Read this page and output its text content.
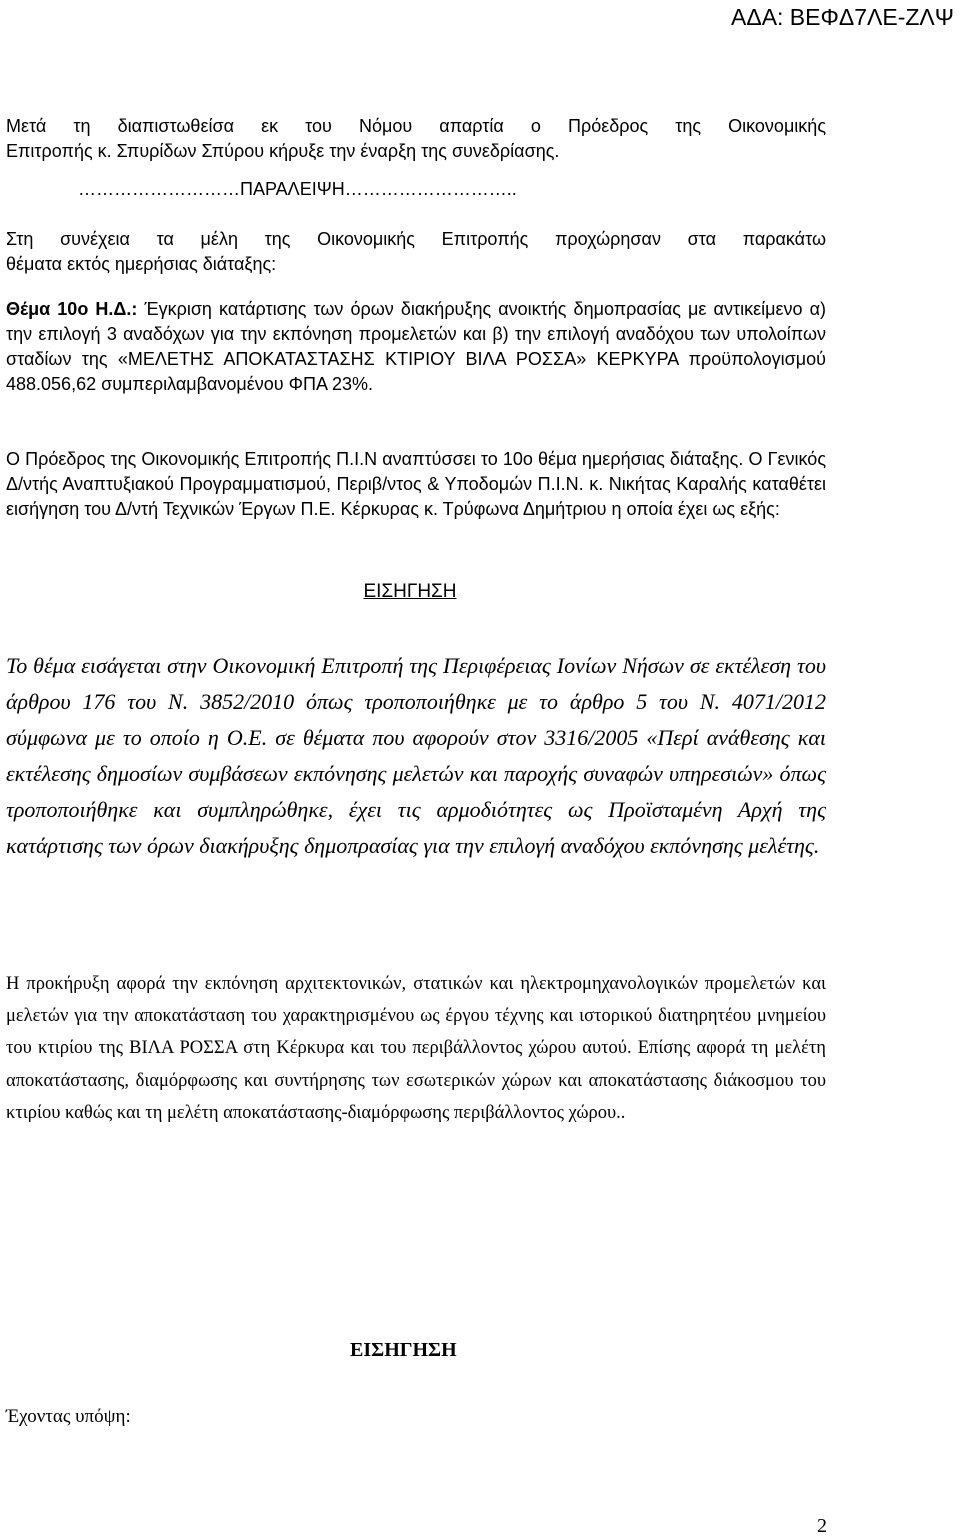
ΑΔΑ: ΒΕΦΔ7ΛΕ-ΖΛΨ
Μετά τη διαπιστωθείσα εκ του Νόμου απαρτία ο Πρόεδρος της Οικονομικής
Επιτροπής κ. Σπυρίδων Σπύρου κήρυξε την έναρξη της συνεδρίασης.
………………………ΠΑΡΑΛΕΙΨΗ………………………..
Στη συνέχεια τα μέλη της Οικονομικής Επιτροπής προχώρησαν στα παρακάτω
θέματα εκτός ημερήσιας διάταξης:
Θέμα 10ο Η.Δ.: Έγκριση κατάρτισης των όρων διακήρυξης ανοικτής δημοπρασίας με αντικείμενο α) την επιλογή 3 αναδόχων για την εκπόνηση προμελετών και β) την επιλογή αναδόχου των υπολοίπων σταδίων της «ΜΕΛΕΤΗΣ ΑΠΟΚΑΤΑΣΤΑΣΗΣ ΚΤΙΡΙΟΥ ΒΙΛΑ ΡΟΣΣΑ» ΚΕΡΚΥΡΑ προϋπολογισμού 488.056,62 συμπεριλαμβανομένου ΦΠΑ 23%.
Ο Πρόεδρος της Οικονομικής Επιτροπής Π.Ι.Ν αναπτύσσει το 10ο θέμα ημερήσιας διάταξης. Ο Γενικός Δ/ντής Αναπτυξιακού Προγραμματισμού, Περιβ/ντος & Υποδομών Π.Ι.Ν. κ. Νικήτας Καραλής καταθέτει εισήγηση του Δ/ντή Τεχνικών Έργων Π.Ε. Κέρκυρας κ. Τρύφωνα Δημήτριου η οποία έχει ως εξής:
ΕΙΣΗΓΗΣΗ
Το θέμα εισάγεται στην Οικονομική Επιτροπή της Περιφέρειας Ιονίων Νήσων σε εκτέλεση του άρθρου 176 του Ν. 3852/2010 όπως τροποποιήθηκε με το άρθρο 5 του Ν. 4071/2012 σύμφωνα με το οποίο η Ο.Ε. σε θέματα που αφορούν στον 3316/2005 «Περί ανάθεσης και εκτέλεσης δημοσίων συμβάσεων εκπόνησης μελετών και παροχής συναφών υπηρεσιών» όπως τροποποιήθηκε και συμπληρώθηκε, έχει τις αρμοδιότητες ως Προϊσταμένη Αρχή της κατάρτισης των όρων διακήρυξης δημοπρασίας για την επιλογή αναδόχου εκπόνησης μελέτης.
Η προκήρυξη αφορά την εκπόνηση αρχιτεκτονικών, στατικών και ηλεκτρομηχανολογικών προμελετών και μελετών για την αποκατάσταση του χαρακτηρισμένου ως έργου τέχνης και ιστορικού διατηρητέου μνημείου του κτιρίου της ΒΙΛΑ ΡΟΣΣΑ στη Κέρκυρα και του περιβάλλοντος χώρου αυτού. Επίσης αφορά τη μελέτη αποκατάστασης, διαμόρφωσης και συντήρησης των εσωτερικών χώρων και αποκατάστασης διάκοσμου του κτιρίου καθώς και τη μελέτη αποκατάστασης-διαμόρφωσης περιβάλλοντος χώρου..
ΕΙΣΗΓΗΣΗ
Έχοντας υπόψη:
2
